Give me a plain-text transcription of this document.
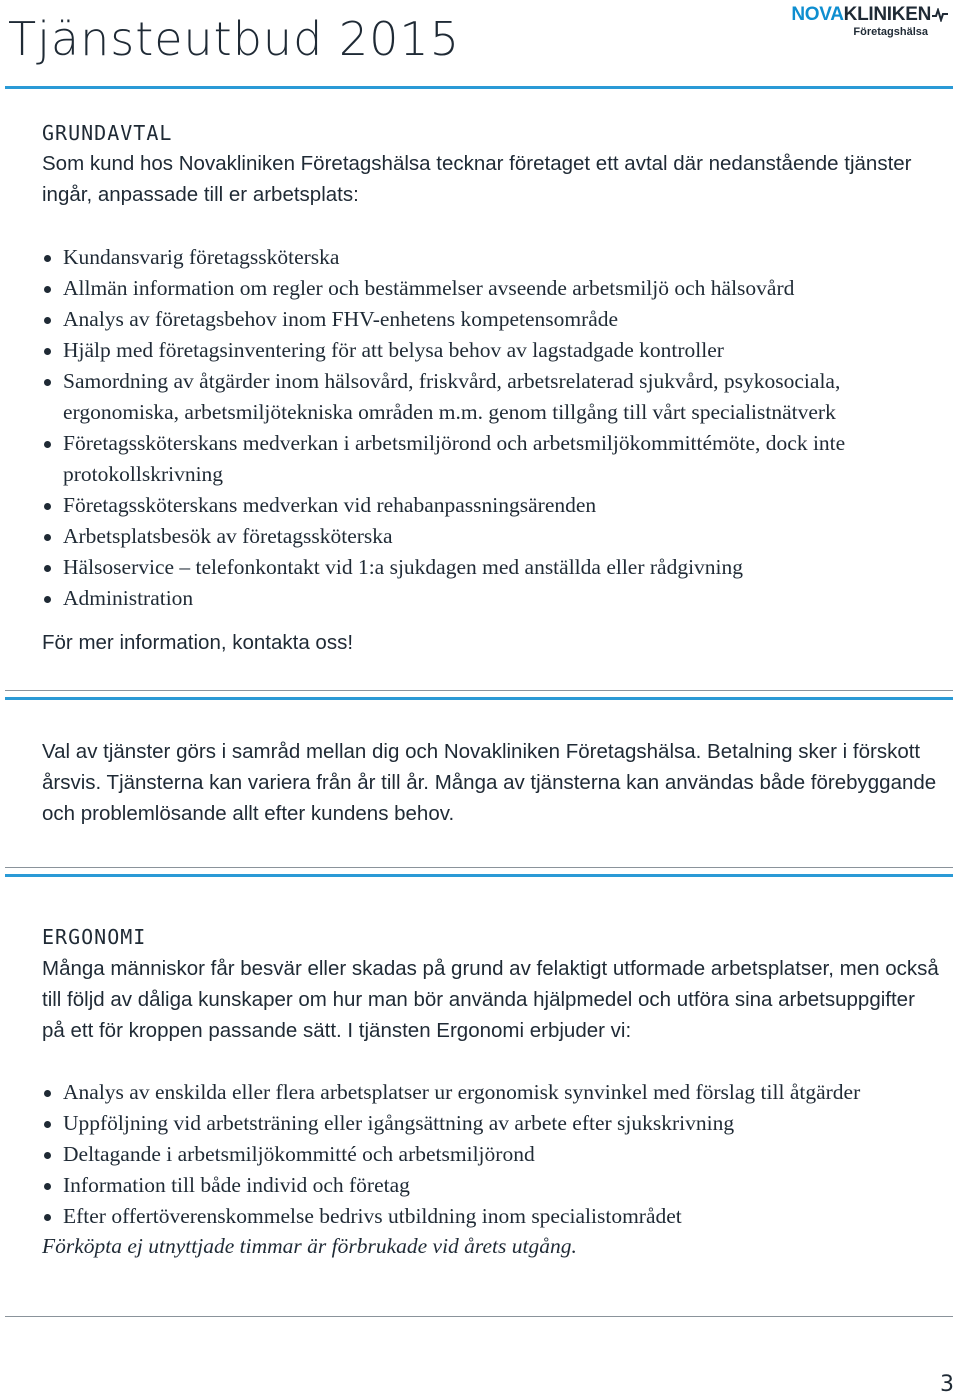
Tjänsteutbud 2015	NOVAKLINIKEN
Företagshälsa
GRUNDAVTAL

Som kund hos Novakliniken Företagshälsa tecknar företaget ett avtal där nedanstående tjänster ingår, anpassade till er arbetsplats:

Kundansvarig företagssköterska
Allmän information om regler och bestämmelser avseende arbetsmiljö och hälsovård
Analys av företagsbehov inom FHV-enhetens kompetensområde
Hjälp med företagsinventering för att belysa behov av lagstadgade kontroller
Samordning av åtgärder inom hälsovård, friskvård, arbetsrelaterad sjukvård, psykosociala, ergonomiska, arbetsmiljötekniska områden m.m. genom tillgång till vårt specialistnätverk
Företagssköterskans medverkan i arbetsmiljörond och arbetsmiljökommittémöte, dock inte protokollskrivning
Företagssköterskans medverkan vid rehabanpassningsärenden
Arbetsplatsbesök av företagssköterska
Hälsoservice – telefonkontakt vid 1:a sjukdagen med anställda eller rådgivning
Administration

För mer information, kontakta oss!

Val av tjänster görs i samråd mellan dig och Novakliniken Företagshälsa. Betalning sker i förskott årsvis. Tjänsterna kan variera från år till år. Många av tjänsterna kan användas både förebyggande och problemlösande allt efter kundens behov.

ERGONOMI

Många människor får besvär eller skadas på grund av felaktigt utformade arbetsplatser, men också till följd av dåliga kunskaper om hur man bör använda hjälpmedel och utföra sina arbetsuppgifter på ett för kroppen passande sätt. I tjänsten Ergonomi erbjuder vi:

Analys av enskilda eller flera arbetsplatser ur ergonomisk synvinkel med förslag till åtgärder
Uppföljning vid arbetsträning eller igångsättning av arbete efter sjukskrivning
Deltagande i arbetsmiljökommitté och arbetsmiljörond
Information till både individ och företag
Efter offertöverenskommelse bedrivs utbildning inom specialistområdet

Förköpta ej utnyttjade timmar är förbrukade vid årets utgång.

3
